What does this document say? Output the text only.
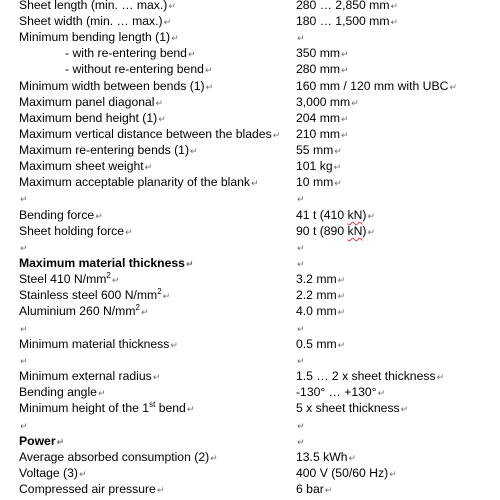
Sheet length (min. … max.)↵	280 … 2,850 mm↵
Sheet width (min. … max.)↵	180 … 1,500 mm↵
Minimum bending length (1)↵	↵
- with re-entering bend↵	350 mm↵
- without re-entering bend↵	280 mm↵
Minimum width between bends (1)↵	160 mm / 120 mm with UBC↵
Maximum panel diagonal↵	3,000 mm↵
Maximum bend height (1)↵	204 mm↵
Maximum vertical distance between the blades↵ 210 mm↵
Maximum re-entering bends (1)↵	55 mm↵
Maximum sheet weight↵	101 kg↵
Maximum acceptable planarity of the blank↵	10 mm↵
↵	↵
Bending force↵	41 t (410 kN)↵
Sheet holding force↵	90 t (890 kN)↵
↵	↵
Maximum material thickness↵	↵
Steel 410 $N/mm^2↵$	3.2 mm↵
Stainless steel 600 $N/mm^2↵$	2.2 mm↵
Aluminium 260 $N/mm^2↵$	4.0 mm↵
↵	↵
Minimum material thickness↵	0.5 mm↵
↵	↵
Minimum external radius↵	1.5 … 2 x sheet thickness↵
Bending angle↵	-130° … +130°↵
Minimum height of the 1st bend↵	5 x sheet thickness↵
↵	↵
Power↵	↵
Average absorbed consumption (2)↵	13.5 kWh↵
Voltage (3)↵	400 V (50/60 Hz)↵
Compressed air pressure↵	6 bar↵
